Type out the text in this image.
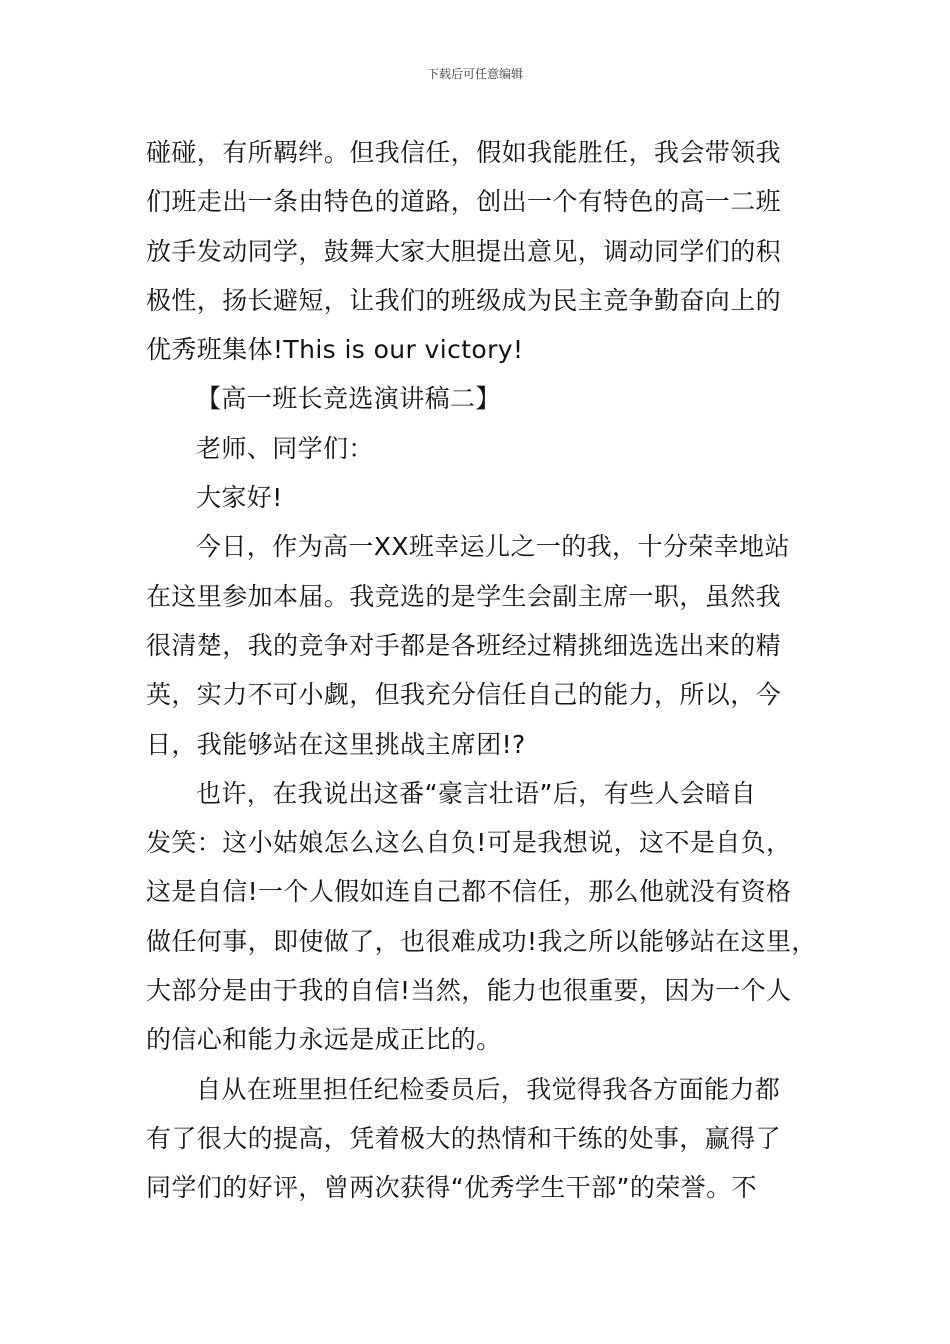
下载后可任意编辑
碰碰，有所羁绊。但我信任，假如我能胜任，我会带领我
们班走出一条由特色的道路，创出一个有特色的高一二班
放手发动同学，鼓舞大家大胆提出意见，调动同学们的积
极性，扬长避短，让我们的班级成为民主竞争勤奋向上的
优秀班集体!This is our victory!
【高一班长竞选演讲稿二】
老师、同学们：
大家好!
今日，作为高一XX班幸运儿之一的我，十分荣幸地站
在这里参加本届。我竞选的是学生会副主席一职，虽然我
很清楚，我的竞争对手都是各班经过精挑细选选出来的精
英，实力不可小觑，但我充分信任自己的能力，所以，今
日，我能够站在这里挑战主席团!?
也许，在我说出这番“豪言壮语”后，有些人会暗自
发笑：这小姑娘怎么这么自负!可是我想说，这不是自负，
这是自信!一个人假如连自己都不信任，那么他就没有资格
做任何事，即使做了，也很难成功!我之所以能够站在这里，
大部分是由于我的自信!当然，能力也很重要，因为一个人
的信心和能力永远是成正比的。
自从在班里担任纪检委员后，我觉得我各方面能力都
有了很大的提高，凭着极大的热情和干练的处事，赢得了
同学们的好评，曾两次获得“优秀学生干部”的荣誉。不
